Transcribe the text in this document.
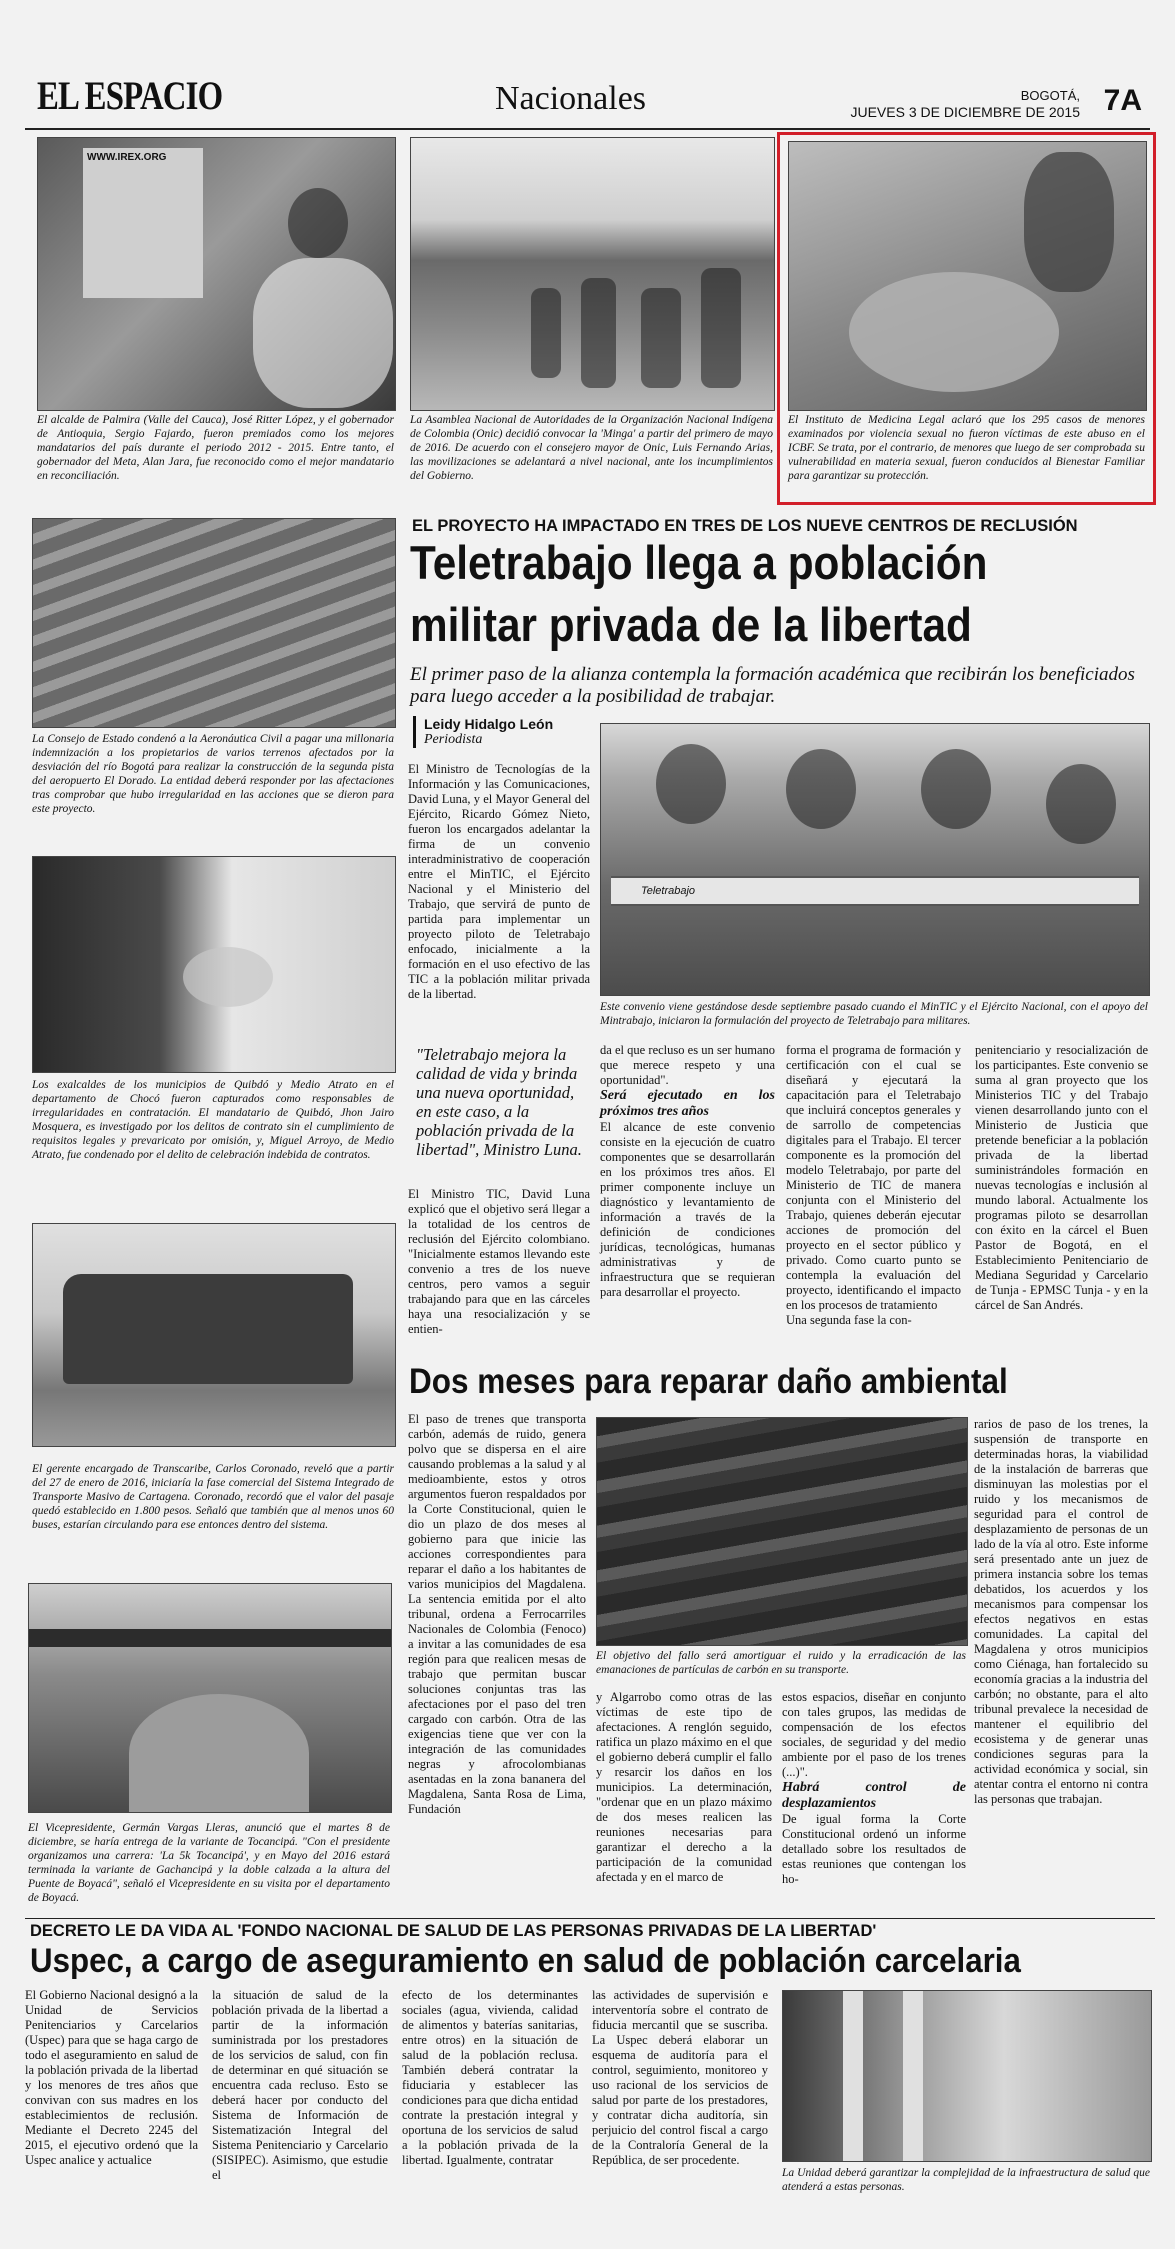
EL ESPACIO	Nacionales	BOGOTÁ,
JUEVES 3 DE DICIEMBRE DE 2015 7A
WWW.IREX.ORG
El alcalde de Palmira (Valle del Cauca), José Ritter López, y el gobernador de Antioquia, Sergio Fajardo, fueron premiados como los mejores mandatarios del país durante el periodo 2012 - 2015. Entre tanto, el gobernador del Meta, Alan Jara, fue reconocido como el mejor mandatario en reconciliación.
La Asamblea Nacional de Autoridades de la Organización Nacional Indígena de Colombia (Onic) decidió convocar la 'Minga' a partir del primero de mayo de 2016. De acuerdo con el consejero mayor de Onic, Luis Fernando Arias, las movilizaciones se adelantará a nivel nacional, ante los incumplimientos del Gobierno.
El Instituto de Medicina Legal aclaró que los 295 casos de menores examinados por violencia sexual no fueron víctimas de este abuso en el ICBF. Se trata, por el contrario, de menores que luego de ser comprobada su vulnerabilidad en materia sexual, fueron conducidos al Bienestar Familiar para garantizar su protección.
La Consejo de Estado condenó a la Aeronáutica Civil a pagar una millonaria indemnización a los propietarios de varios terrenos afectados por la desviación del río Bogotá para realizar la construcción de la segunda pista del aeropuerto El Dorado. La entidad deberá responder por las afectaciones tras comprobar que hubo irregularidad en las acciones que se dieron para este proyecto.
Los exalcaldes de los municipios de Quibdó y Medio Atrato en el departamento de Chocó fueron capturados como responsables de irregularidades en contratación. El mandatario de Quibdó, Jhon Jairo Mosquera, es investigado por los delitos de contrato sin el cumplimiento de requisitos legales y prevaricato por omisión, y, Miguel Arroyo, de Medio Atrato, fue condenado por el delito de celebración indebida de contratos.
El gerente encargado de Transcaribe, Carlos Coronado, reveló que a partir del 27 de enero de 2016, iniciaría la fase comercial del Sistema Integrado de Transporte Masivo de Cartagena. Coronado, recordó que el valor del pasaje quedó establecido en 1.800 pesos. Señaló que también que al menos unos 60 buses, estarían circulando para ese entonces dentro del sistema.
El Vicepresidente, Germán Vargas Lleras, anunció que el martes 8 de diciembre, se haría entrega de la variante de Tocancipá. "Con el presidente organizamos una carrera: 'La 5k Tocancipá', y en Mayo del 2016 estará terminada la variante de Gachancipá y la doble calzada a la altura del Puente de Boyacá", señaló el Vicepresidente en su visita por el departamento de Boyacá.
EL PROYECTO HA IMPACTADO EN TRES DE LOS NUEVE CENTROS DE RECLUSIÓN
Teletrabajo llega a población
militar privada de la libertad
El primer paso de la alianza contempla la formación académica que recibirán los beneficiados para luego acceder a la posibilidad de trabajar.
Leidy Hidalgo León
Periodista

El Ministro de Tecnologías de la Información y las Comunicaciones, David Luna, y el Mayor General del Ejército, Ricardo Gómez Nieto, fueron los encargados adelantar la firma de un convenio interadministrativo de cooperación entre el MinTIC, el Ejército Nacional y el Ministerio del Trabajo, que servirá de punto de partida para implementar un proyecto piloto de Teletrabajo enfocado, inicialmente a la formación en el uso efectivo de las TIC a la población militar privada de la libertad.

"Teletrabajo mejora la calidad de vida y brinda una nueva oportunidad, en este caso, a la población privada de la libertad", Ministro Luna.

El Ministro TIC, David Luna explicó que el objetivo será llegar a la totalidad de los centros de reclusión del Ejército colombiano. "Inicialmente estamos llevando este convenio a tres de los nueve centros, pero vamos a seguir trabajando para que en las cárceles haya una resocialización y se entien-

Teletrabajo
Este convenio viene gestándose desde septiembre pasado cuando el MinTIC y el Ejército Nacional, con el apoyo del Mintrabajo, iniciaron la formulación del proyecto de Teletrabajo para militares.

da el que recluso es un ser humano que merece respeto y una oportunidad".

Será ejecutado en los próximos tres años

El alcance de este convenio consiste en la ejecución de cuatro componentes que se desarrollarán en los próximos tres años. El primer componente incluye un diagnóstico y levantamiento de información a través de la definición de condiciones jurídicas, tecnológicas, humanas administrativas y de infraestructura que se requieran para desarrollar el proyecto.

forma el programa de formación y certificación con el cual se diseñará y ejecutará la capacitación para el Teletrabajo que incluirá conceptos generales y de sarrollo de competencias digitales para el Trabajo. El tercer componente es la promoción del modelo Teletrabajo, por parte del Ministerio de TIC de manera conjunta con el Ministerio del Trabajo, quienes deberán ejecutar acciones de promoción del proyecto en el sector público y privado. Como cuarto punto se contempla la evaluación del proyecto, identificando el impacto en los procesos de tratamiento

Una segunda fase la con-

penitenciario y resocialización de los participantes. Este convenio se suma al gran proyecto que los Ministerios TIC y del Trabajo vienen desarrollando junto con el Ministerio de Justicia que pretende beneficiar a la población privada de la libertad suministrándoles formación en nuevas tecnologías e inclusión al mundo laboral. Actualmente los programas piloto se desarrollan con éxito en la cárcel el Buen Pastor de Bogotá, en el Establecimiento Penitenciario de Mediana Seguridad y Carcelario de Tunja - EPMSC Tunja - y en la cárcel de San Andrés.

Dos meses para reparar daño ambiental

El paso de trenes que transporta carbón, además de ruido, genera polvo que se dispersa en el aire causando problemas a la salud y al medioambiente, estos y otros argumentos fueron respaldados por la Corte Constitucional, quien le dio un plazo de dos meses al gobierno para que inicie las acciones correspondientes para reparar el daño a los habitantes de varios municipios del Magdalena. La sentencia emitida por el alto tribunal, ordena a Ferrocarriles Nacionales de Colombia (Fenoco) a invitar a las comunidades de esa región para que realicen mesas de trabajo que permitan buscar soluciones conjuntas tras las afectaciones por el paso del tren cargado con carbón. Otra de las exigencias tiene que ver con la integración de las comunidades negras y afrocolombianas asentadas en la zona bananera del Magdalena, Santa Rosa de Lima, Fundación

El objetivo del fallo será amortiguar el ruido y la erradicación de las emanaciones de partículas de carbón en su transporte.

y Algarrobo como otras de las víctimas de este tipo de afectaciones. A renglón seguido, ratifica un plazo máximo en el que el gobierno deberá cumplir el fallo y resarcir los daños en los municipios. La determinación, "ordenar que en un plazo máximo de dos meses realicen las reuniones necesarias para garantizar el derecho a la participación de la comunidad afectada y en el marco de

estos espacios, diseñar en conjunto con tales grupos, las medidas de compensación de los efectos sociales, de seguridad y del medio ambiente por el paso de los trenes (...)".

Habrá control de desplazamientos

De igual forma la Corte Constitucional ordenó un informe detallado sobre los resultados de estas reuniones que contengan los ho-

rarios de paso de los trenes, la suspensión de transporte en determinadas horas, la viabilidad de la instalación de barreras que disminuyan las molestias por el ruido y los mecanismos de seguridad para el control de desplazamiento de personas de un lado de la vía al otro. Este informe será presentado ante un juez de primera instancia sobre los temas debatidos, los acuerdos y los mecanismos para compensar los efectos negativos en estas comunidades. La capital del Magdalena y otros municipios como Ciénaga, han fortalecido su economía gracias a la industria del carbón; no obstante, para el alto tribunal prevalece la necesidad de mantener el equilibrio del ecosistema y de generar unas condiciones seguras para la actividad económica y social, sin atentar contra el entorno ni contra las personas que trabajan.

DECRETO LE DA VIDA AL 'FONDO NACIONAL DE SALUD DE LAS PERSONAS PRIVADAS DE LA LIBERTAD'
Uspec, a cargo de aseguramiento en salud de población carcelaria

El Gobierno Nacional designó a la Unidad de Servicios Penitenciarios y Carcelarios (Uspec) para que se haga cargo de todo el aseguramiento en salud de la población privada de la libertad y los menores de tres años que convivan con sus madres en los establecimientos de reclusión. Mediante el Decreto 2245 del 2015, el ejecutivo ordenó que la Uspec analice y actualice

la situación de salud de la población privada de la libertad a partir de la información suministrada por los prestadores de los servicios de salud, con fin de determinar en qué situación se encuentra cada recluso. Esto se deberá hacer por conducto del Sistema de Información de Sistematización Integral del Sistema Penitenciario y Carcelario (SISIPEC). Asimismo, que estudie el

efecto de los determinantes sociales (agua, vivienda, calidad de alimentos y baterías sanitarias, entre otros) en la situación de salud de la población reclusa. También deberá contratar la fiduciaria y establecer las condiciones para que dicha entidad contrate la prestación integral y oportuna de los servicios de salud a la población privada de la libertad. Igualmente, contratar

las actividades de supervisión e interventoría sobre el contrato de fiducia mercantil que se suscriba. La Uspec deberá elaborar un esquema de auditoría para el control, seguimiento, monitoreo y uso racional de los servicios de salud por parte de los prestadores, y contratar dicha auditoría, sin perjuicio del control fiscal a cargo de la Contraloría General de la República, de ser procedente.

La Unidad deberá garantizar la complejidad de la infraestructura de salud que atenderá a estas personas.
